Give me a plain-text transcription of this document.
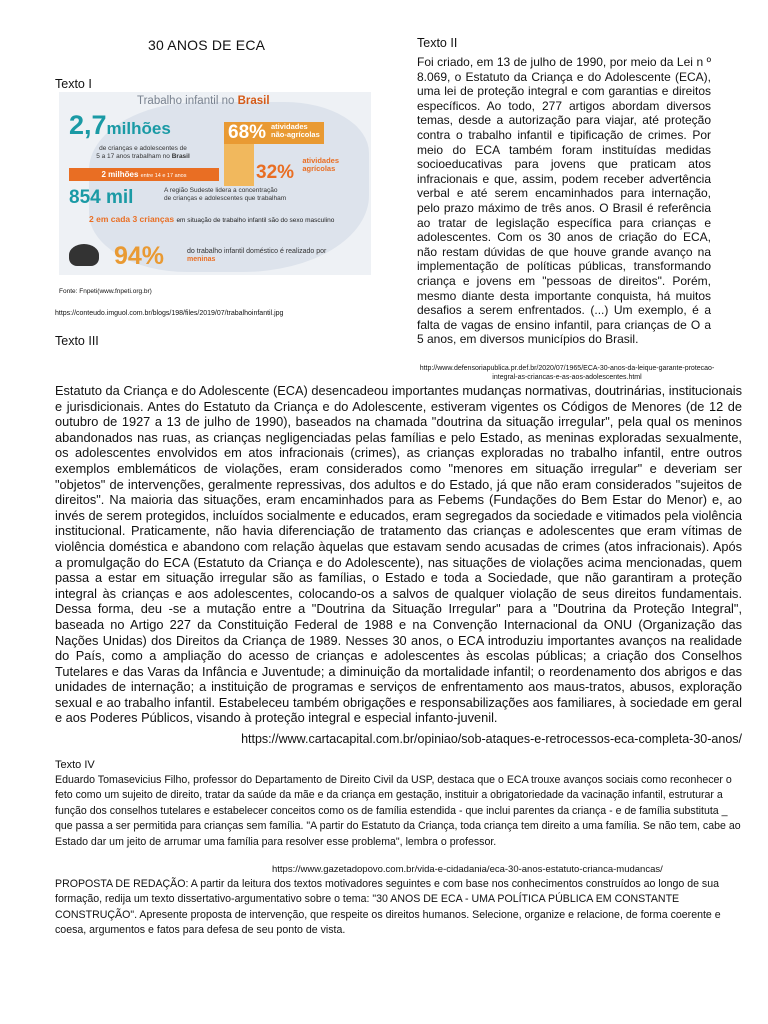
30 ANOS DE ECA
Texto I
Trabalho infantil no Brasil
2,7milhões
de crianças e adolescentes de
5 a 17 anos trabalham no Brasil
2 milhões entre 14 e 17 anos
68% atividades
não-agrícolas
32%
atividades
agrícolas
854 mil	A região Sudeste lidera a concentração
de crianças e adolescentes que trabalham
2 em cada 3 crianças em situação de trabalho infantil são do sexo masculino
94%	do trabalho infantil doméstico é realizado por meninas
Fonte: Fnpeti(www.fnpeti.org.br)
https://conteudo.imguol.com.br/blogs/198/files/2019/07/trabalhoinfantil.jpg
Texto III
Texto II
Foi criado, em 13 de julho de 1990, por meio da Lei n º 8.069, o Estatuto da Criança e do Adolescente (ECA), uma lei de proteção integral e com garantias e direitos específicos. Ao todo, 277 artigos abordam diversos temas, desde a autorização para viajar, até proteção contra o trabalho infantil e tipificação de crimes. Por meio do ECA também foram instituídas medidas socioeducativas para jovens que praticam atos infracionais e que, assim, podem receber advertência verbal e até serem encaminhados para internação, pelo prazo máximo de três anos. O Brasil é referência ao tratar de legislação específica para crianças e adolescentes. Com os 30 anos de criação do ECA, não restam dúvidas de que houve grande avanço na implementação de políticas públicas, transformando criança e jovens em "pessoas de direitos". Porém, mesmo diante desta importante conquista, há muitos desafios a serem enfrentados. (...) Um exemplo, é a falta de vagas de ensino infantil, para crianças de O a 5 anos, em diversos municípios do Brasil.
http://www.defensoriapublica.pr.def.br/2020/07/1965/ECA-30-anos-da-leique-garante-protecao-integral-as-criancas-e-as-aos-adolescentes.html
Estatuto da Criança e do Adolescente (ECA) desencadeou importantes mudanças normativas, doutrinárias, institucionais e jurisdicionais. Antes do Estatuto da Criança e do Adolescente, estiveram vigentes os Códigos de Menores (de 12 de outubro de 1927 a 13 de julho de 1990), baseados na chamada "doutrina da situação irregular", pela qual os meninos abandonados nas ruas, as crianças negligenciadas pelas famílias e pelo Estado, as meninas exploradas sexualmente, os adolescentes envolvidos em atos infracionais (crimes), as crianças exploradas no trabalho infantil, entre outros exemplos emblemáticos de violações, eram considerados como "menores em situação irregular" e deveriam ser "objetos" de intervenções, geralmente repressivas, dos adultos e do Estado, já que não eram considerados "sujeitos de direitos". Na maioria das situações, eram encaminhados para as Febems (Fundações do Bem Estar do Menor) e, ao invés de serem protegidos, incluídos socialmente e educados, eram segregados da sociedade e vitimados pela violência institucional. Praticamente, não havia diferenciação de tratamento das crianças e adolescentes que eram vítimas de violência doméstica e abandono com relação àquelas que estavam sendo acusadas de crimes (atos infracionais). Após a promulgação do ECA (Estatuto da Criança e do Adolescente), nas situações de violações acima mencionadas, quem passa a estar em situação irregular são as famílias, o Estado e toda a Sociedade, que não garantiram a proteção integral às crianças e aos adolescentes, colocando-os a salvos de qualquer violação de seus direitos fundamentais. Dessa forma, deu -se a mutação entre a "Doutrina da Situação Irregular" para a "Doutrina da Proteção Integral", baseada no Artigo 227 da Constituição Federal de 1988 e na Convenção Internacional da ONU (Organização das Nações Unidas) dos Direitos da Criança de 1989. Nesses 30 anos, o ECA introduziu importantes avanços na realidade do País, como a ampliação do acesso de crianças e adolescentes às escolas públicas; a criação dos Conselhos Tutelares e das Varas da Infância e Juventude; a diminuição da mortalidade infantil; o reordenamento dos abrigos e das unidades de internação; a instituição de programas e serviços de enfrentamento aos maus-tratos, abusos, exploração sexual e ao trabalho infantil. Estabeleceu também obrigações e responsabilizações aos familiares, à sociedade em geral e aos Poderes Públicos, visando à proteção integral e especial infanto-juvenil.
https://www.cartacapital.com.br/opiniao/sob-ataques-e-retrocessos-eca-completa-30-anos/
Texto IV
Eduardo Tomasevicius Filho, professor do Departamento de Direito Civil da USP, destaca que o ECA trouxe avanços sociais como reconhecer o feto como um sujeito de direito, tratar da saúde da mãe e da criança em gestação, instituir a obrigatoriedade da vacinação infantil, estruturar a função dos conselhos tutelares e estabelecer conceitos como os de família estendida - que inclui parentes da criança - e de família substituta _ que passa a ser permitida para crianças sem família. "A partir do Estatuto da Criança, toda criança tem direito a uma família. Se não tem, cabe ao Estado dar um jeito de arrumar uma família para resolver esse problema", lembra o professor.
https://www.gazetadopovo.com.br/vida-e-cidadania/eca-30-anos-estatuto-crianca-mudancas/
PROPOSTA DE REDAÇÃO: A partir da leitura dos textos motivadores seguintes e com base nos conhecimentos construídos ao longo de sua formação, redija um texto dissertativo-argumentativo sobre o tema: "30 ANOS DE ECA - UMA POLÍTICA PÚBLICA EM CONSTANTE CONSTRUÇÃO". Apresente proposta de intervenção, que respeite os direitos humanos. Selecione, organize e relacione, de forma coerente e coesa, argumentos e fatos para defesa de seu ponto de vista.
